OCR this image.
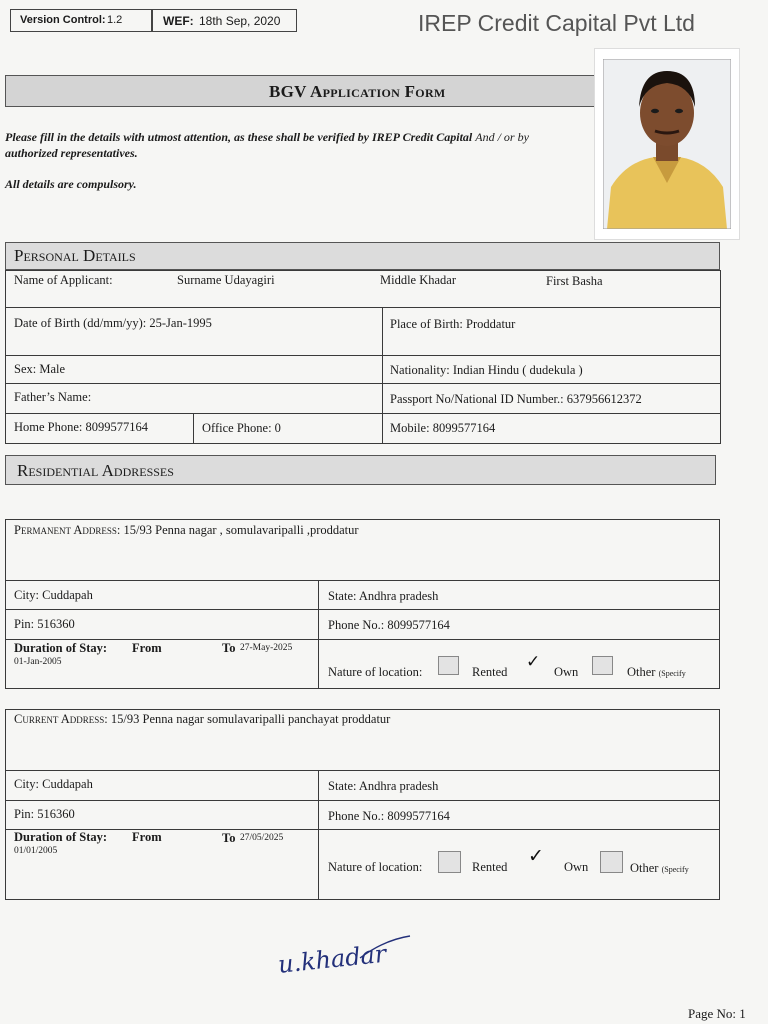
Version Control: 1.2	WEF: 18th Sep, 2020	IREP Credit Capital Pvt Ltd
BGV Application Form
Please fill in the details with utmost attention, as these shall be verified by IREP Credit Capital And / or by
authorized representatives.
All details are compulsory.
Personal Details
Name of Applicant:	Surname Udayagiri	Middle Khadar	First Basha
Date of Birth (dd/mm/yy): 25-Jan-1995	Place of Birth: Proddatur
Sex: Male	Nationality: Indian Hindu ( dudekula )
Father’s Name:	Passport No/National ID Number.: 637956612372
Home Phone: 8099577164	Office Phone: 0	Mobile: 8099577164
Residential Addresses
Permanent Address: 15/93 Penna nagar , somulavaripalli ,proddatur
City: Cuddapah	State: Andhra pradesh
Pin: 516360	Phone No.: 8099577164
Duration of Stay: From
01-Jan-2005
To 27-May-2025
Nature of location:	Rented ✓ Own	Other (Specify
Current Address: 15/93 Penna nagar somulavaripalli panchayat proddatur
City: Cuddapah	State: Andhra pradesh
Pin: 516360	Phone No.: 8099577164
Duration of Stay: From
01/01/2005
To 27/05/2025
Nature of location:	Rented ✓ Own	Other (Specify
u.khadar
Page No: 1
